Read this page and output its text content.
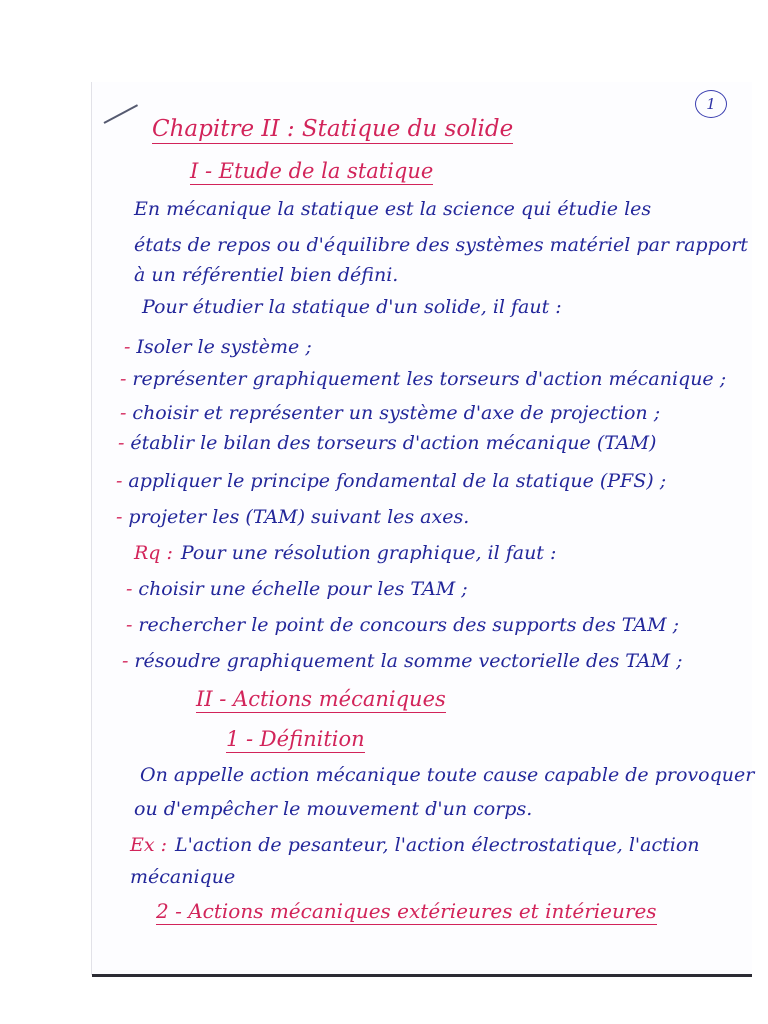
1
Chapitre II : Statique du solide
I - Etude de la statique
En mécanique la statique est la science qui étudie les
états de repos ou d'équilibre des systèmes matériel par rapport
à un référentiel bien défini.
Pour étudier la statique d'un solide, il faut :
- Isoler le système ;
- représenter graphiquement les torseurs d'action mécanique ;
- choisir et représenter un système d'axe de projection ;
- établir le bilan des torseurs d'action mécanique (TAM)
- appliquer le principe fondamental de la statique (PFS) ;
- projeter les (TAM) suivant les axes.
Rq : Pour une résolution graphique, il faut :
- choisir une échelle pour les TAM ;
- rechercher le point de concours des supports des TAM ;
- résoudre graphiquement la somme vectorielle des TAM ;
II - Actions mécaniques
1 - Définition
On appelle action mécanique toute cause capable de provoquer
ou d'empêcher le mouvement d'un corps.
Ex : L'action de pesanteur, l'action électrostatique, l'action
mécanique
2 - Actions mécaniques extérieures et intérieures
